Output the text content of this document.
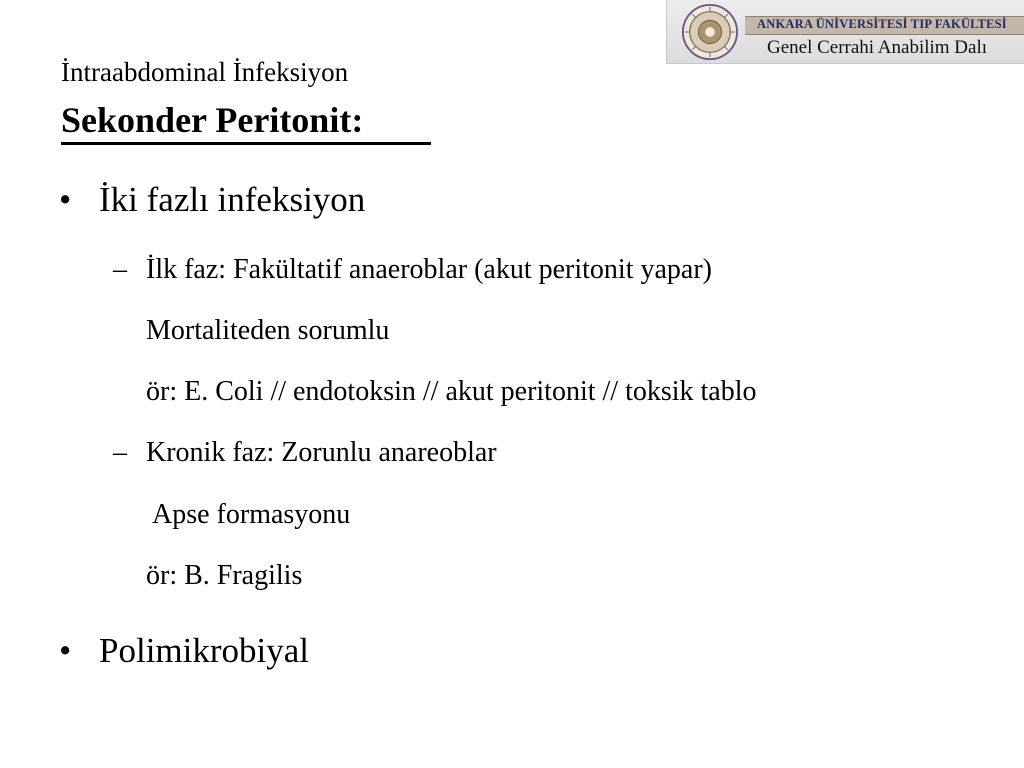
ANKARA ÜNİVERSİTESİ TIP FAKÜLTESİ
Genel Cerrahi Anabilim Dalı
İntraabdominal İnfeksiyon
Sekonder Peritonit:
• İki fazlı infeksiyon
– İlk faz: Fakültatif anaeroblar (akut peritonit yapar)
Mortaliteden sorumlu
ör: E. Coli // endotoksin // akut peritonit // toksik tablo
– Kronik faz: Zorunlu anareoblar
Apse formasyonu
ör: B. Fragilis
• Polimikrobiyal
